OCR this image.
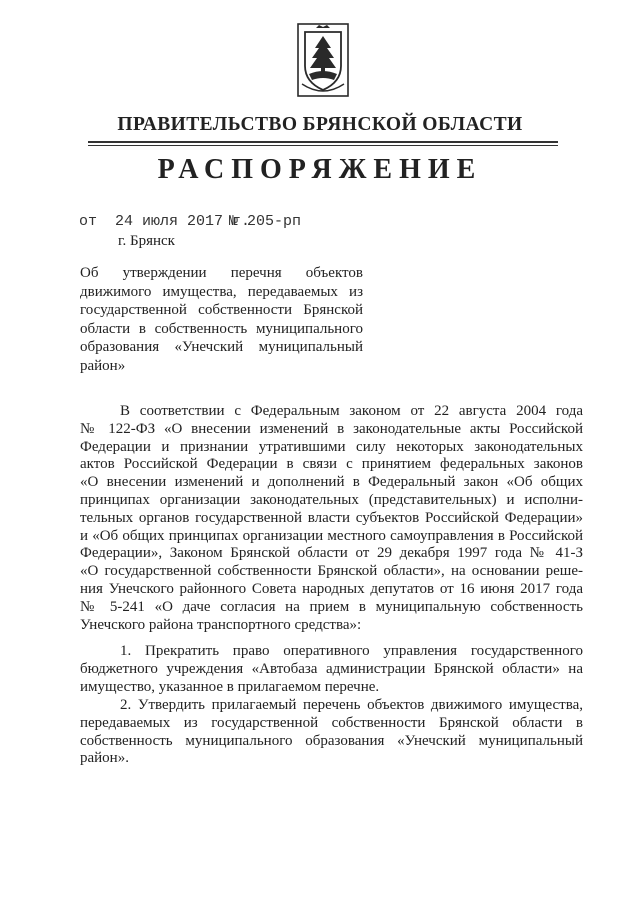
ПРАВИТЕЛЬСТВО БРЯНСКОЙ ОБЛАСТИ
РАСПОРЯЖЕНИЕ
от  24 июля 2017 г.
№ 205-рп
г. Брянск
Об утверждении перечня объектов
движимого имущества, передаваемых из
государственной собственности Брянской
области в собственность муниципального
образования «Унечский муниципальный
район»
В соответствии с Федеральным законом от 22 августа 2004 года
№ 122-ФЗ «О внесении изменений в законодательные акты Российской
Федерации и признании утратившими силу некоторых законодательных
актов Российской Федерации в связи с принятием федеральных законов
«О внесении изменений и дополнений в Федеральный закон «Об общих
принципах организации законодательных (представительных) и исполни-
тельных органов государственной власти субъектов Российской Федерации»
и «Об общих принципах организации местного самоуправления в Российской
Федерации», Законом Брянской области от 29 декабря 1997 года № 41-З
«О государственной собственности Брянской области», на основании реше-
ния Унечского районного Совета народных депутатов от 16 июня 2017 года
№ 5-241 «О даче согласия на прием в муниципальную собственность
Унечского района транспортного средства»:
1. Прекратить право оперативного управления государственного
бюджетного учреждения «Автобаза администрации Брянской области» на
имущество, указанное в прилагаемом перечне.
2. Утвердить прилагаемый перечень объектов движимого имущества,
передаваемых из государственной собственности Брянской области в
собственность муниципального образования «Унечский муниципальный
район».
